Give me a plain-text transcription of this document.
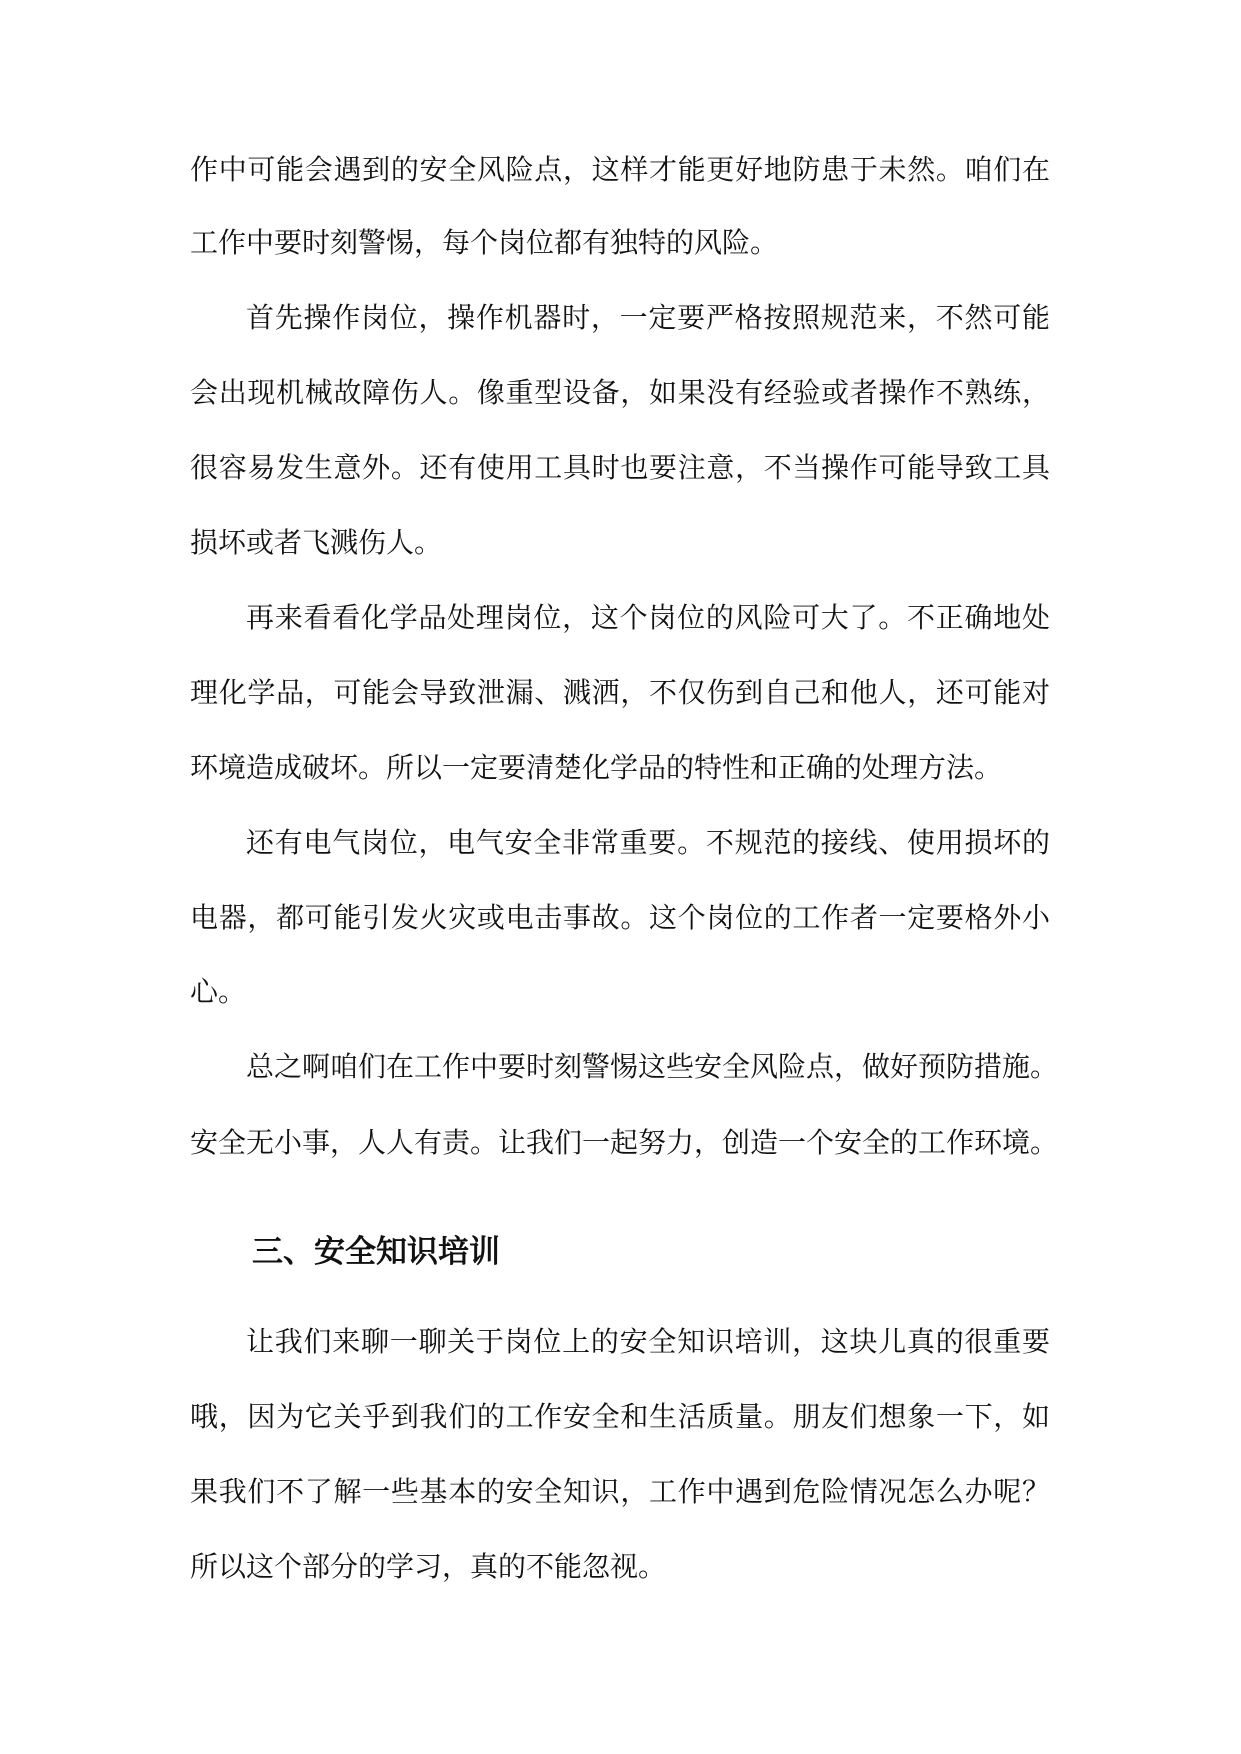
作中可能会遇到的安全风险点，这样才能更好地防患于未然。咱们在

工作中要时刻警惕，每个岗位都有独特的风险。

首先操作岗位，操作机器时，一定要严格按照规范来，不然可能

会出现机械故障伤人。像重型设备，如果没有经验或者操作不熟练，

很容易发生意外。还有使用工具时也要注意，不当操作可能导致工具

损坏或者飞溅伤人。

再来看看化学品处理岗位，这个岗位的风险可大了。不正确地处

理化学品，可能会导致泄漏、溅洒，不仅伤到自己和他人，还可能对

环境造成破坏。所以一定要清楚化学品的特性和正确的处理方法。

还有电气岗位，电气安全非常重要。不规范的接线、使用损坏的

电器，都可能引发火灾或电击事故。这个岗位的工作者一定要格外小

心。

总之啊咱们在工作中要时刻警惕这些安全风险点，做好预防措施。

安全无小事，人人有责。让我们一起努力，创造一个安全的工作环境。

三、安全知识培训

让我们来聊一聊关于岗位上的安全知识培训，这块儿真的很重要

哦，因为它关乎到我们的工作安全和生活质量。朋友们想象一下，如

果我们不了解一些基本的安全知识，工作中遇到危险情况怎么办呢？

所以这个部分的学习，真的不能忽视。
